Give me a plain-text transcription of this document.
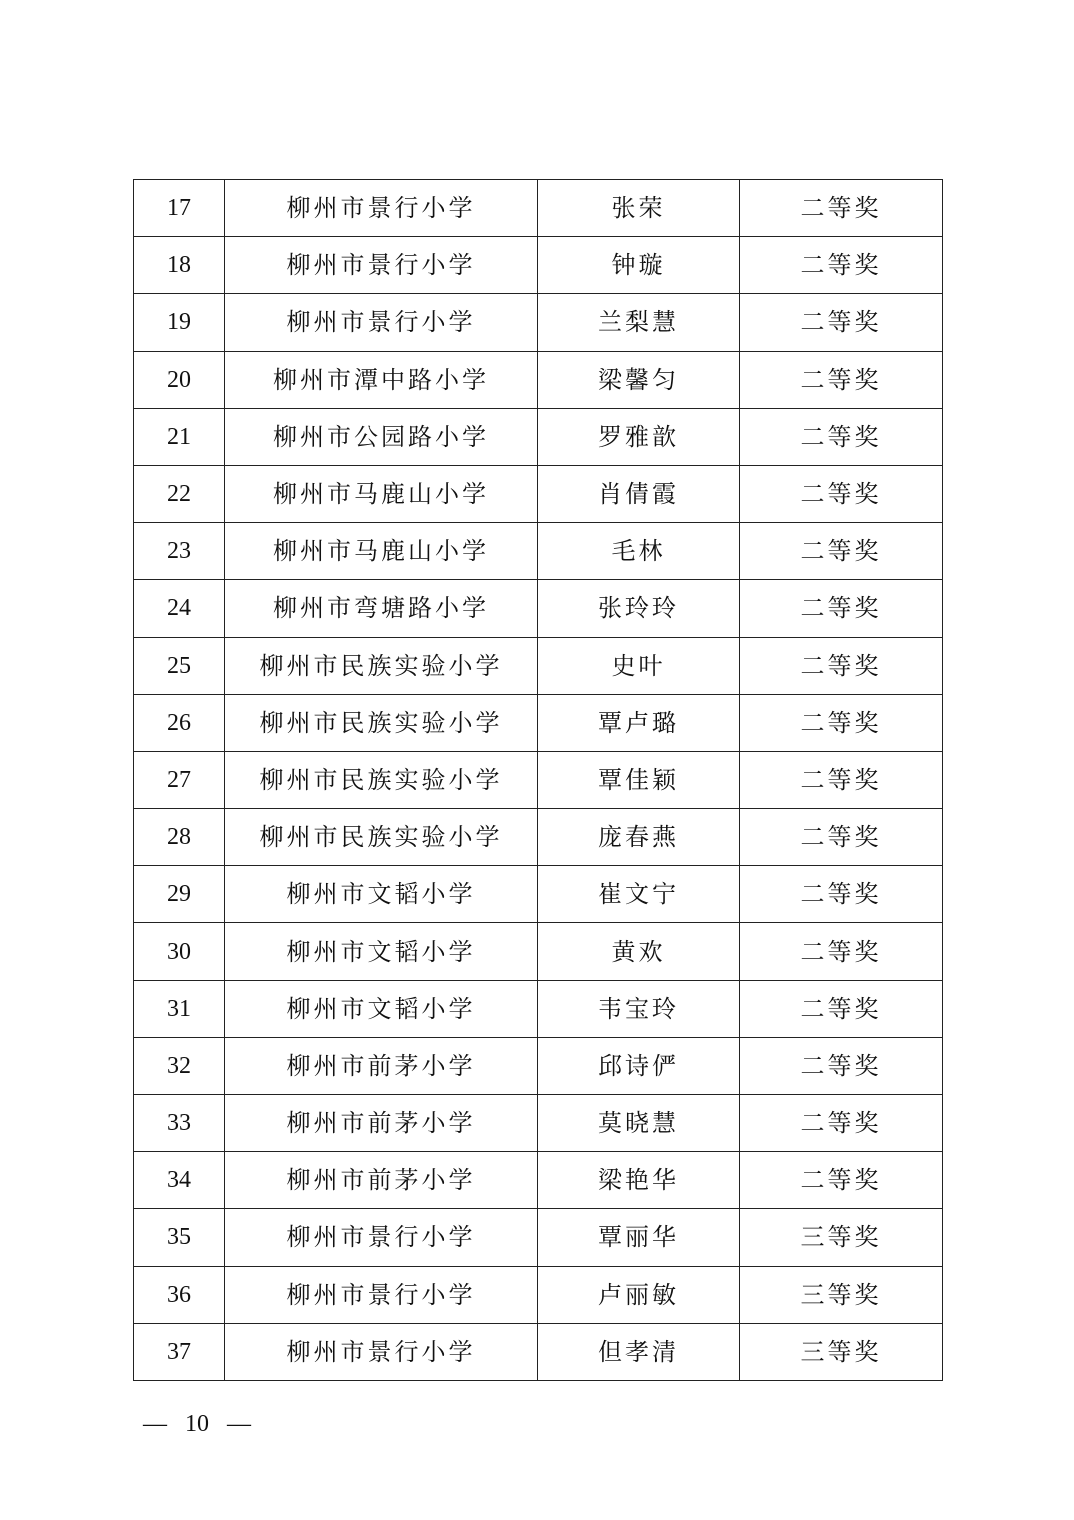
17	柳州市景行小学	张荣	二等奖
18	柳州市景行小学	钟璇	二等奖
19	柳州市景行小学	兰梨慧	二等奖
20	柳州市潭中路小学	梁馨匀	二等奖
21	柳州市公园路小学	罗雅歆	二等奖
22	柳州市马鹿山小学	肖倩霞	二等奖
23	柳州市马鹿山小学	毛林	二等奖
24	柳州市弯塘路小学	张玲玲	二等奖
25	柳州市民族实验小学	史叶	二等奖
26	柳州市民族实验小学	覃卢璐	二等奖
27	柳州市民族实验小学	覃佳颖	二等奖
28	柳州市民族实验小学	庞春燕	二等奖
29	柳州市文韬小学	崔文宁	二等奖
30	柳州市文韬小学	黄欢	二等奖
31	柳州市文韬小学	韦宝玲	二等奖
32	柳州市前茅小学	邱诗俨	二等奖
33	柳州市前茅小学	莫晓慧	二等奖
34	柳州市前茅小学	梁艳华	二等奖
35	柳州市景行小学	覃丽华	三等奖
36	柳州市景行小学	卢丽敏	三等奖
37	柳州市景行小学	但孝清	三等奖
— 10 —
